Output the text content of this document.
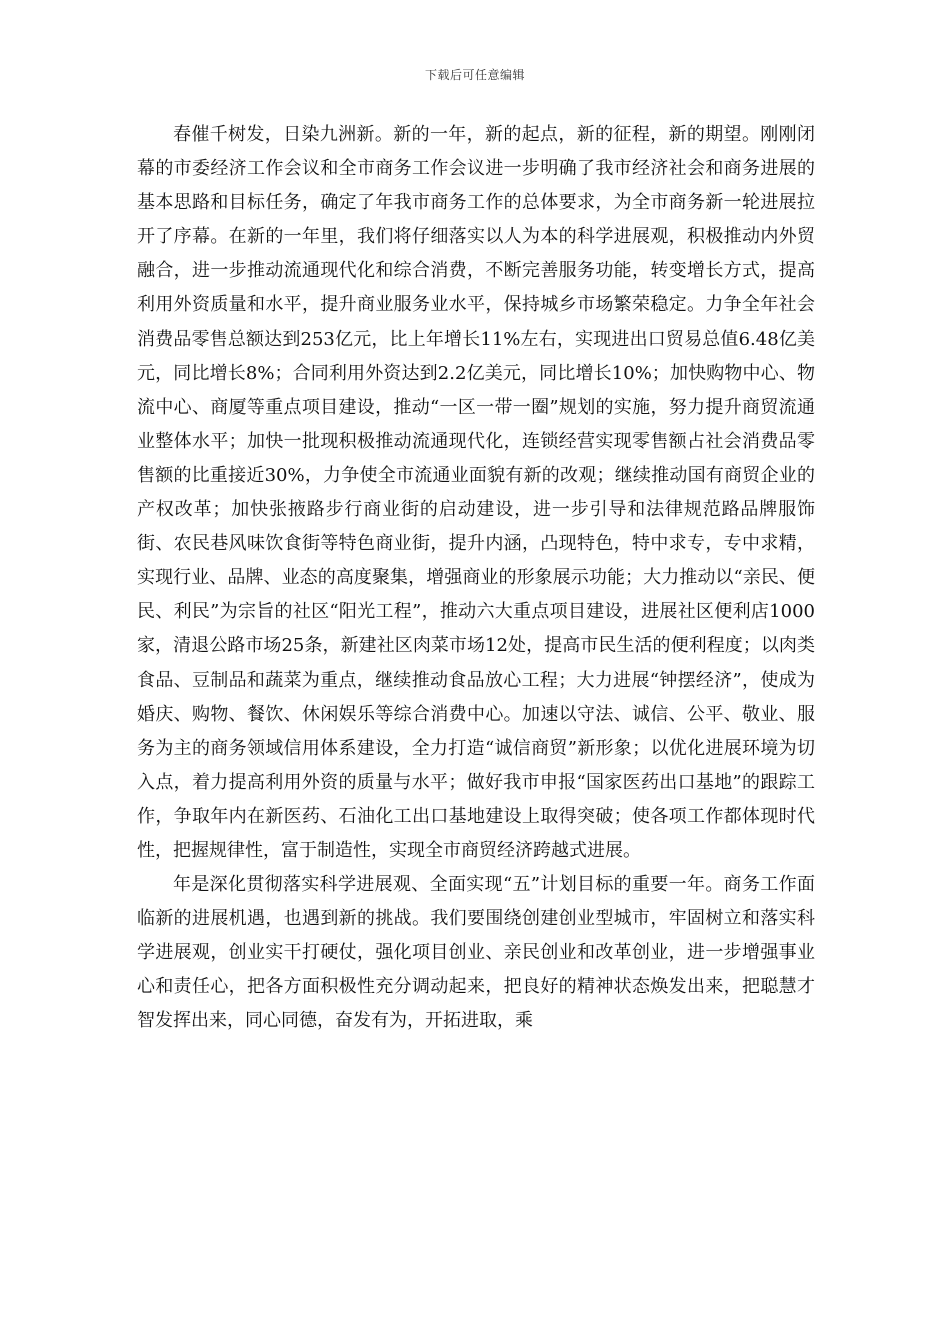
下载后可任意编辑

春催千树发，日染九洲新。新的一年，新的起点，新的征程，新的期望。刚刚闭幕的市委经济工作会议和全市商务工作会议进一步明确了我市经济社会和商务进展的基本思路和目标任务，确定了年我市商务工作的总体要求，为全市商务新一轮进展拉开了序幕。在新的一年里，我们将仔细落实以人为本的科学进展观，积极推动内外贸融合，进一步推动流通现代化和综合消费，不断完善服务功能，转变增长方式，提高利用外资质量和水平，提升商业服务业水平，保持城乡市场繁荣稳定。力争全年社会消费品零售总额达到253亿元，比上年增长11%左右，实现进出口贸易总值6.48亿美元，同比增长8%；合同利用外资达到2.2亿美元，同比增长10%；加快购物中心、物流中心、商厦等重点项目建设，推动“一区一带一圈”规划的实施，努力提升商贸流通业整体水平；加快一批现积极推动流通现代化，连锁经营实现零售额占社会消费品零售额的比重接近30%，力争使全市流通业面貌有新的改观；继续推动国有商贸企业的产权改革；加快张掖路步行商业街的启动建设，进一步引导和法律规范路品牌服饰街、农民巷风味饮食街等特色商业街，提升内涵，凸现特色，特中求专，专中求精，实现行业、品牌、业态的高度聚集，增强商业的形象展示功能；大力推动以“亲民、便民、利民”为宗旨的社区“阳光工程”，推动六大重点项目建设，进展社区便利店1000家，清退公路市场25条，新建社区肉菜市场12处，提高市民生活的便利程度；以肉类食品、豆制品和蔬菜为重点，继续推动食品放心工程；大力进展“钟摆经济”，使成为婚庆、购物、餐饮、休闲娱乐等综合消费中心。加速以守法、诚信、公平、敬业、服务为主的商务领域信用体系建设，全力打造“诚信商贸”新形象；以优化进展环境为切入点，着力提高利用外资的质量与水平；做好我市申报“国家医药出口基地”的跟踪工作，争取年内在新医药、石油化工出口基地建设上取得突破；使各项工作都体现时代性，把握规律性，富于制造性，实现全市商贸经济跨越式进展。

年是深化贯彻落实科学进展观、全面实现“五”计划目标的重要一年。商务工作面临新的进展机遇，也遇到新的挑战。我们要围绕创建创业型城市，牢固树立和落实科学进展观，创业实干打硬仗，强化项目创业、亲民创业和改革创业，进一步增强事业心和责任心，把各方面积极性充分调动起来，把良好的精神状态焕发出来，把聪慧才智发挥出来，同心同德，奋发有为，开拓进取，乘
